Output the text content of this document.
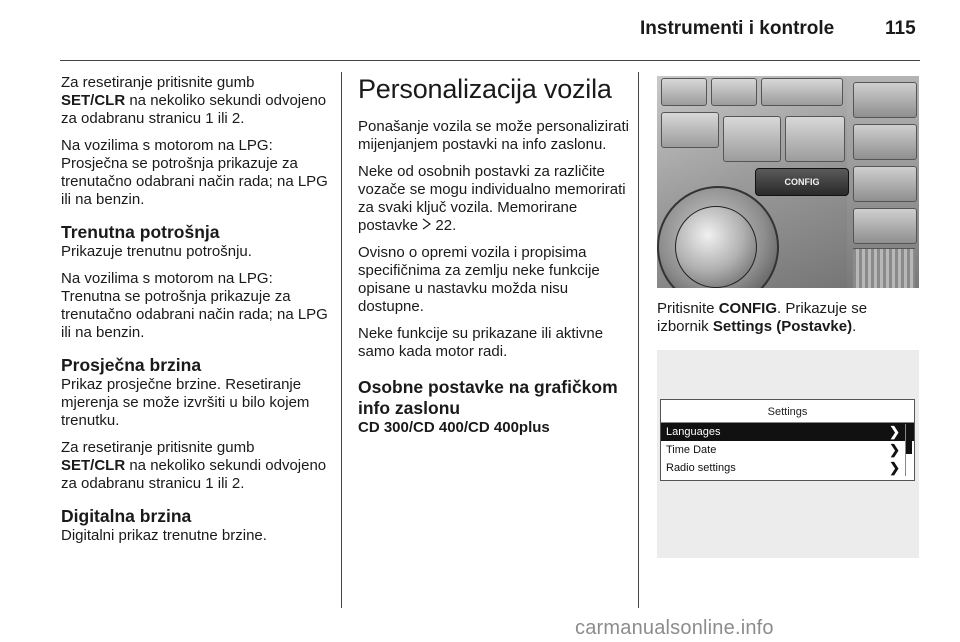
Instrumenti i kontrole	115

Za resetiranje pritisnite gumb
SET/CLR na nekoliko sekundi odvojeno za odabranu stranicu 1 ili 2.

Na vozilima s motorom na LPG: Prosječna se potrošnja prikazuje za trenutačno odabrani način rada; na LPG ili na benzin.

Trenutna potrošnja

Prikazuje trenutnu potrošnju.

Na vozilima s motorom na LPG: Trenutna se potrošnja prikazuje za trenutačno odabrani način rada; na LPG ili na benzin.

Prosječna brzina

Prikaz prosječne brzine. Resetiranje mjerenja se može izvršiti u bilo kojem trenutku.

Za resetiranje pritisnite gumb
SET/CLR na nekoliko sekundi odvojeno za odabranu stranicu 1 ili 2.

Digitalna brzina

Digitalni prikaz trenutne brzine.

Personalizacija vozila

Ponašanje vozila se može personalizirati mijenjanjem postavki na info zaslonu.

Neke od osobnih postavki za različite vozače se mogu individualno memorirati za svaki ključ vozila. Memorirane postavke  22.

Ovisno o opremi vozila i propisima specifičnima za zemlju neke funkcije opisane u nastavku možda nisu dostupne.

Neke funkcije su prikazane ili aktivne samo kada motor radi.

Osobne postavke na grafičkom info zaslonu

CD 300/CD 400/CD 400plus

CONFIG

Pritisnite CONFIG. Prikazuje se izbornik Settings (Postavke).

Settings
Languages	❯
Time Date	❯
Radio settings	❯
carmanualsonline.info
